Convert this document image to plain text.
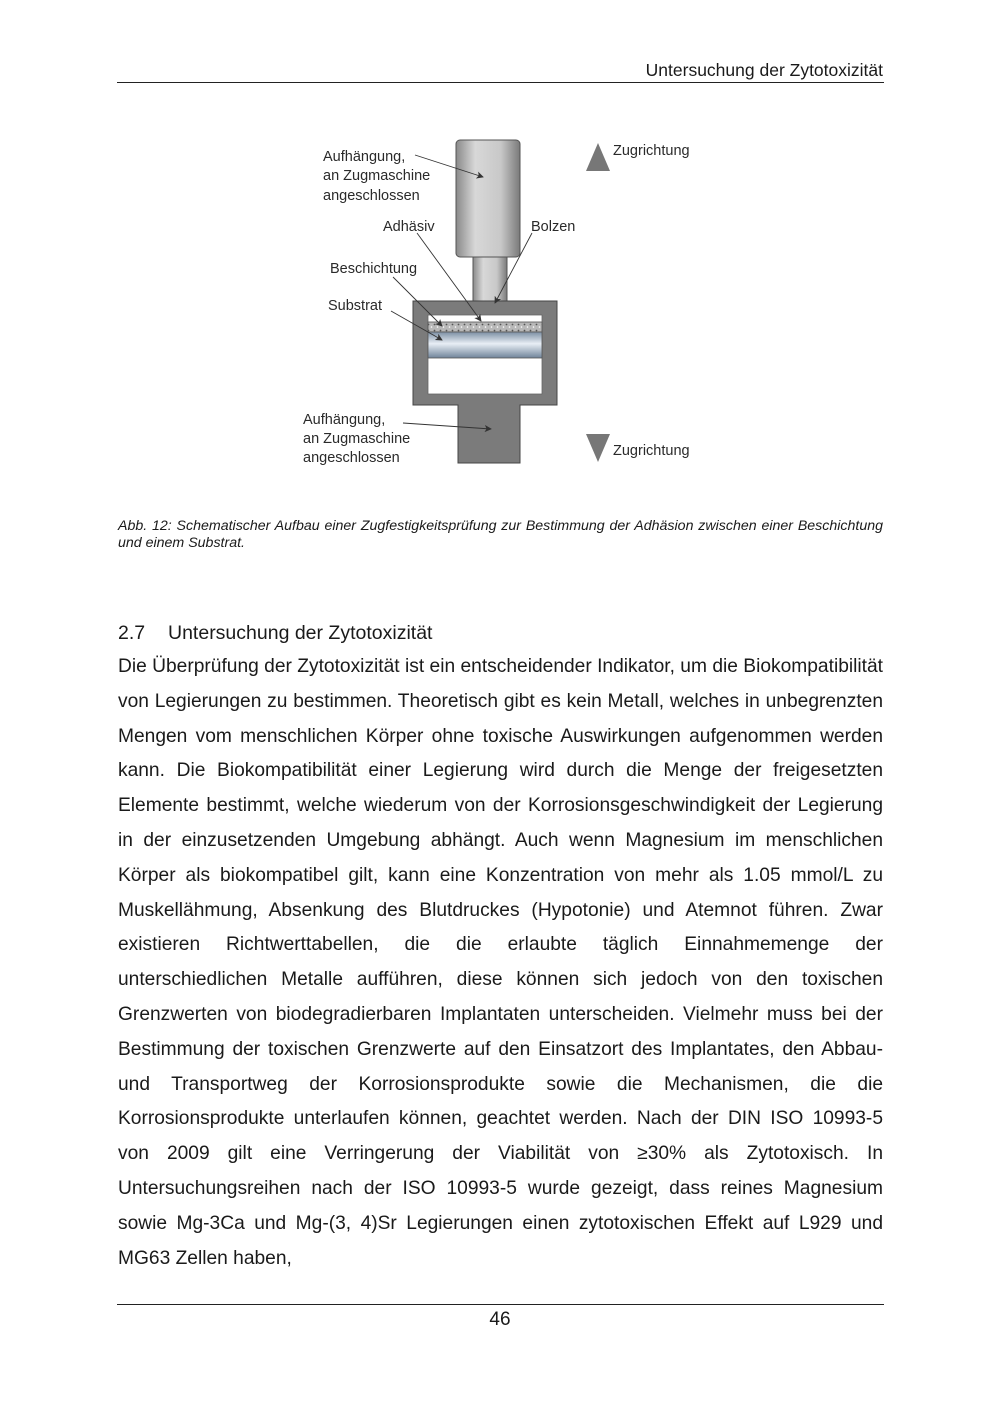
Untersuchung der Zytotoxizität
Aufhängung,
an Zugmaschine
angeschlossen
Adhäsiv	Bolzen
Beschichtung
Substrat
Aufhängung,
an Zugmaschine
angeschlossen
Zugrichtung
Zugrichtung
Abb. 12: Schematischer Aufbau einer Zugfestigkeitsprüfung zur Bestimmung der Adhäsion zwischen einer Beschichtung und einem Substrat.
2.7 Untersuchung der Zytotoxizität

Die Überprüfung der Zytotoxizität ist ein entscheidender Indikator, um die Biokompatibilität von Legierungen zu bestimmen. Theoretisch gibt es kein Metall, welches in unbegrenzten Mengen vom menschlichen Körper ohne toxische Auswirkungen aufgenommen werden kann. Die Biokompatibilität einer Legierung wird durch die Menge der freigesetzten Elemente bestimmt, welche wiederum von der Korrosionsgeschwindigkeit der Legierung in der einzusetzenden Umgebung abhängt. Auch wenn Magnesium im menschlichen Körper als biokompatibel gilt, kann eine Konzentration von mehr als 1.05 mmol/L zu Muskellähmung, Absenkung des Blutdruckes (Hypotonie) und Atemnot führen. Zwar existieren Richtwerttabellen, die die erlaubte täglich Einnahmemenge der unterschiedlichen Metalle aufführen, diese können sich jedoch von den toxischen Grenzwerten von biodegradierbaren Implantaten unterscheiden. Vielmehr muss bei der Bestimmung der toxischen Grenzwerte auf den Einsatzort des Implantates, den Abbau- und Transportweg der Korrosionsprodukte sowie die Mechanismen, die die Korrosionsprodukte unterlaufen können, geachtet werden. Nach der DIN ISO 10993-5 von 2009 gilt eine Verringerung der Viabilität von ≥30% als Zytotoxisch. In Untersuchungsreihen nach der ISO 10993-5 wurde gezeigt, dass reines Magnesium sowie Mg-3Ca und Mg-(3, 4)Sr Legierungen einen zytotoxischen Effekt auf L929 und MG63 Zellen haben,

46
